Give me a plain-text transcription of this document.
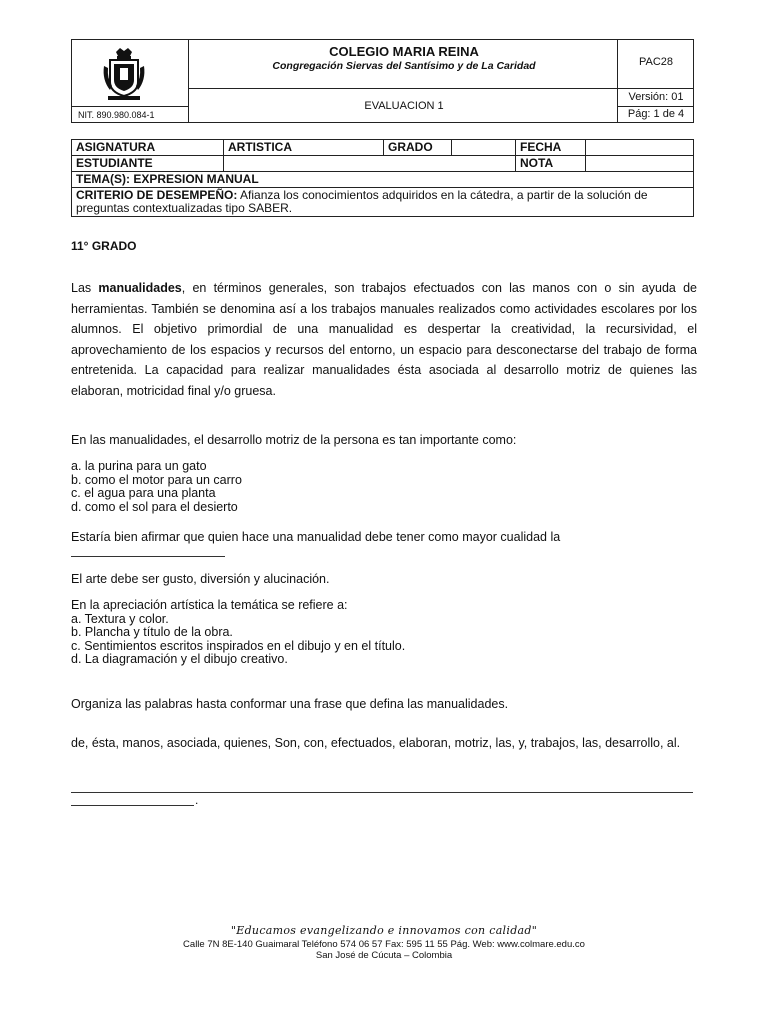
COLEGIO MARIA REINA
Congregación Siervas del Santísimo y de La Caridad
EVALUACION 1
PAC28
Versión: 01
Pág: 1 de 4
NIT. 890.980.084-1
ASIGNATURA	ARTISTICA	GRADO		FECHA	
ESTUDIANTE				NOTA	
TEMA(S): EXPRESION MANUAL					
CRITERIO DE DESEMPEÑO: Afianza los conocimientos adquiridos en la cátedra, a partir de la solución de preguntas contextualizadas tipo SABER.					
11° GRADO
Las manualidades, en términos generales, son trabajos efectuados con las manos con o sin ayuda de herramientas. También se denomina así a los trabajos manuales realizados como actividades escolares por los alumnos. El objetivo primordial de una manualidad es despertar la creatividad, la recursividad, el aprovechamiento de los espacios y recursos del entorno, un espacio para desconectarse del trabajo de forma entretenida. La capacidad para realizar manualidades ésta asociada al desarrollo motriz de quienes las elaboran, motricidad final y/o gruesa.
En las manualidades, el desarrollo motriz de la persona es tan importante como:
a. la purina para un gato
b. como el motor para un carro
c. el agua para una planta
d. como el sol para el desierto
Estaría bien afirmar que quien hace una manualidad debe tener como mayor cualidad la
El arte debe ser gusto, diversión y alucinación.
En la apreciación artística la temática se refiere a:
a. Textura y color.
b. Plancha y título de la obra.
c. Sentimientos escritos inspirados en el dibujo y en el título.
d. La diagramación y el dibujo creativo.
Organiza las palabras hasta conformar una frase que defina las manualidades.
de, ésta, manos, asociada, quienes, Son, con, efectuados, elaboran, motriz, las, y, trabajos, las, desarrollo, al.
.
"Educamos evangelizando e innovamos con calidad"
Calle 7N 8E-140 Guaimaral Teléfono 574 06 57 Fax: 595 11 55 Pág. Web: www.colmare.edu.co
San José de Cúcuta – Colombia
